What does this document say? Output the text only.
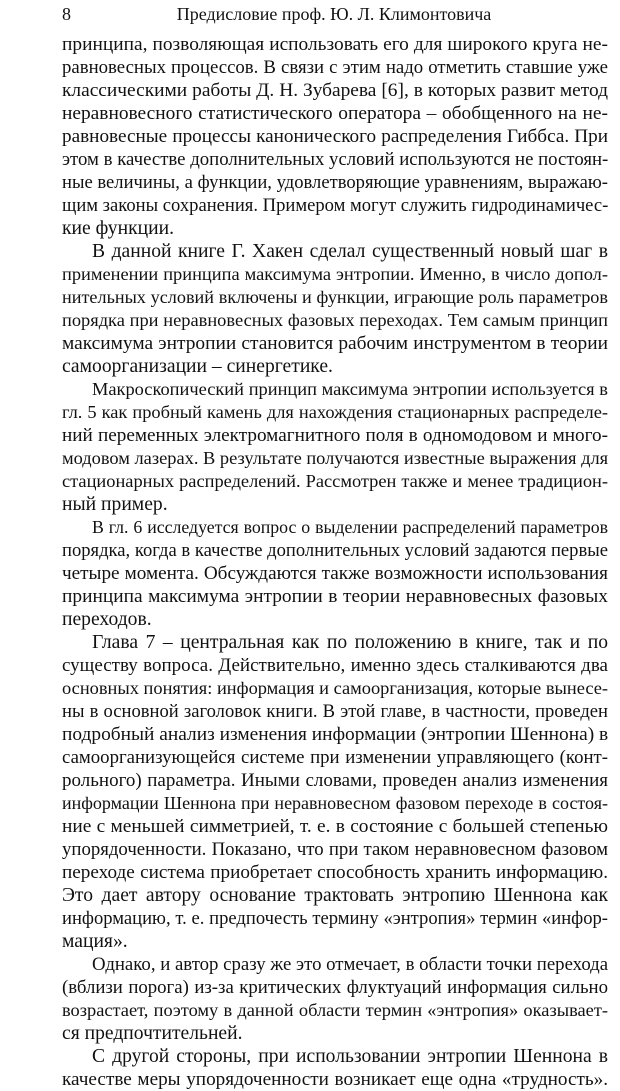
8	Предисловие проф. Ю. Л. Климонтовича
принципа, позволяющая использовать его для широкого круга не-
равновесных процессов. В связи с этим надо отметить ставшие уже
классическими работы Д. Н. Зубарева [6], в которых развит метод
неравновесного статистического оператора – обобщенного на не-
равновесные процессы канонического распределения Гиббса. При
этом в качестве дополнительных условий используются не постоян-
ные величины, а функции, удовлетворяющие уравнениям, выражаю-
щим законы сохранения. Примером могут служить гидродинамичес-
кие функции.
В данной книге Г. Хакен сделал существенный новый шаг в
применении принципа максимума энтропии. Именно, в число допол-
нительных условий включены и функции, играющие роль параметров
порядка при неравновесных фазовых переходах. Тем самым принцип
максимума энтропии становится рабочим инструментом в теории
самоорганизации – синергетике.
Макроскопический принцип максимума энтропии используется в
гл. 5 как пробный камень для нахождения стационарных распределе-
ний переменных электромагнитного поля в одномодовом и много-
модовом лазерах. В результате получаются известные выражения для
стационарных распределений. Рассмотрен также и менее традицион-
ный пример.
В гл. 6 исследуется вопрос о выделении распределений параметров
порядка, когда в качестве дополнительных условий задаются первые
четыре момента. Обсуждаются также возможности использования
принципа максимума энтропии в теории неравновесных фазовых
переходов.
Глава 7 – центральная как по положению в книге, так и по
существу вопроса. Действительно, именно здесь сталкиваются два
основных понятия: информация и самоорганизация, которые вынесе-
ны в основной заголовок книги. В этой главе, в частности, проведен
подробный анализ изменения информации (энтропии Шеннона) в
самоорганизующейся системе при изменении управляющего (конт-
рольного) параметра. Иными словами, проведен анализ изменения
информации Шеннона при неравновесном фазовом переходе в состоя-
ние с меньшей симметрией, т. е. в состояние с большей степенью
упорядоченности. Показано, что при таком неравновесном фазовом
переходе система приобретает способность хранить информацию.
Это дает автору основание трактовать энтропию Шеннона как
информацию, т. е. предпочесть термину «энтропия» термин «инфор-
мация».
Однако, и автор сразу же это отмечает, в области точки перехода
(вблизи порога) из-за критических флуктуаций информация сильно
возрастает, поэтому в данной области термин «энтропия» оказывает-
ся предпочтительней.
С другой стороны, при использовании энтропии Шеннона в
качестве меры упорядоченности возникает еще одна «трудность».
